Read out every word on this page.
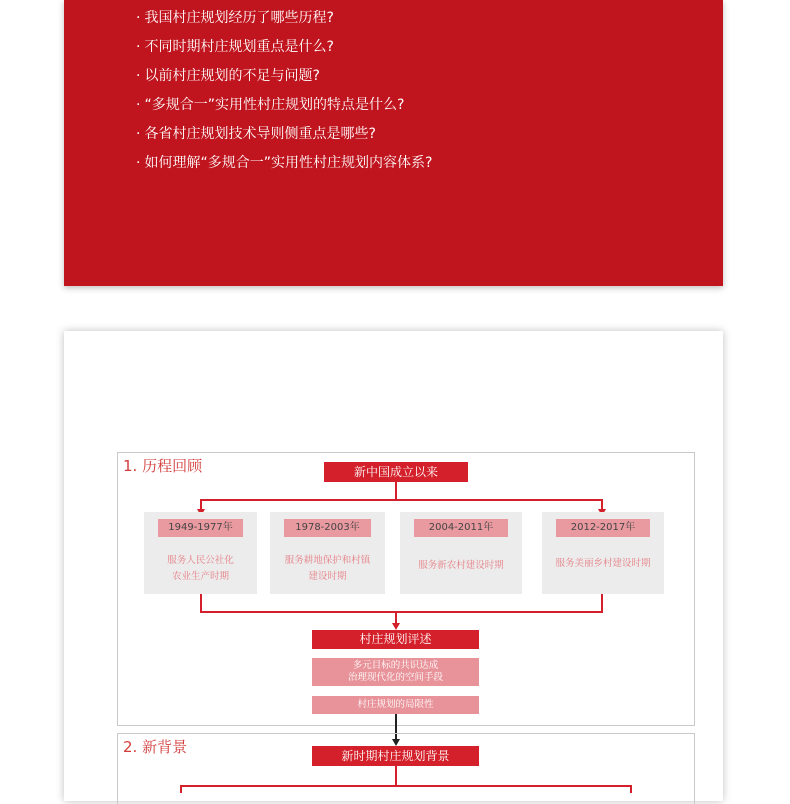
· 我国村庄规划经历了哪些历程?
· 不同时期村庄规划重点是什么?
· 以前村庄规划的不足与问题?
· “多规合一”实用性村庄规划的特点是什么?
· 各省村庄规划技术导则侧重点是哪些?
· 如何理解“多规合一”实用性村庄规划内容体系?
1. 历程回顾	新中国成立以来
1949-1977年
服务人民公社化
农业生产时期
1978-2003年
服务耕地保护和村镇
建设时期
2004-2011年
服务新农村建设时期
2012-2017年
服务美丽乡村建设时期
村庄规划评述
多元目标的共识达成
治理现代化的空间手段
村庄规划的局限性
2. 新背景	新时期村庄规划背景
